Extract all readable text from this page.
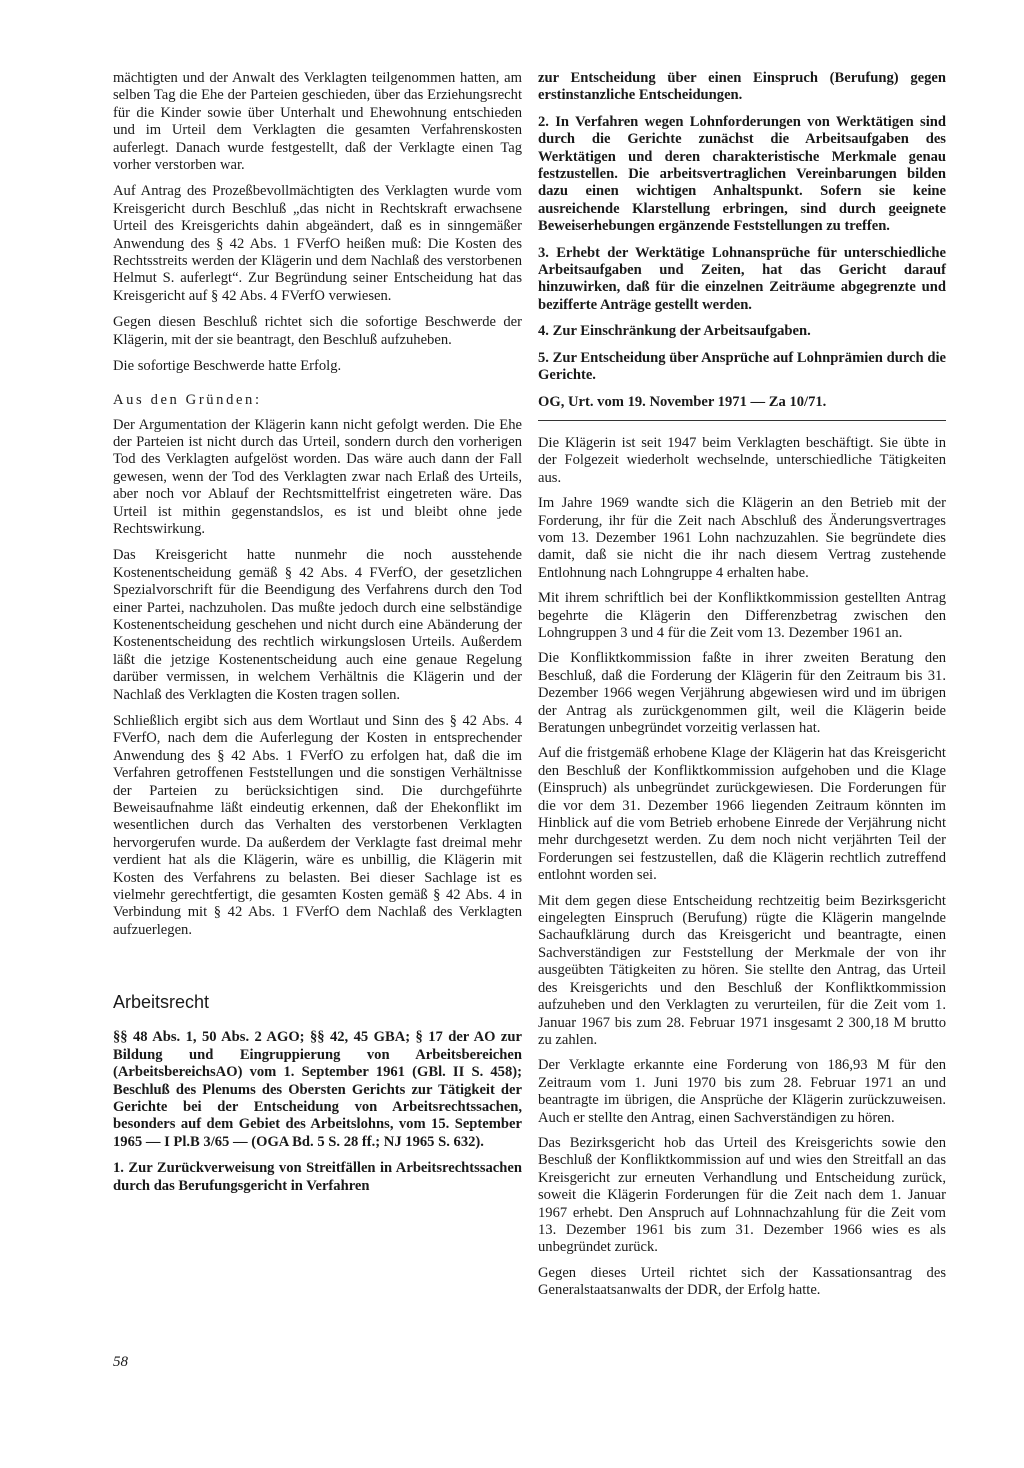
mächtigten und der Anwalt des Verklagten teilgenommen hatten, am selben Tag die Ehe der Parteien geschieden, über das Erziehungsrecht für die Kinder sowie über Unterhalt und Ehewohnung entschieden und im Urteil dem Verklagten die gesamten Verfahrenskosten auferlegt. Danach wurde festgestellt, daß der Verklagte einen Tag vorher verstorben war.

Auf Antrag des Prozeßbevollmächtigten des Verklagten wurde vom Kreisgericht durch Beschluß „das nicht in Rechtskraft erwachsene Urteil des Kreisgerichts dahin abgeändert, daß es in sinngemäßer Anwendung des § 42 Abs. 1 FVerfO heißen muß: Die Kosten des Rechtsstreits werden der Klägerin und dem Nachlaß des verstorbenen Helmut S. auferlegt“. Zur Begründung seiner Entscheidung hat das Kreisgericht auf § 42 Abs. 4 FVerfO verwiesen.

Gegen diesen Beschluß richtet sich die sofortige Beschwerde der Klägerin, mit der sie beantragt, den Beschluß aufzuheben.

Die sofortige Beschwerde hatte Erfolg.

Aus den Gründen:

Der Argumentation der Klägerin kann nicht gefolgt werden. Die Ehe der Parteien ist nicht durch das Urteil, sondern durch den vorherigen Tod des Verklagten aufgelöst worden. Das wäre auch dann der Fall gewesen, wenn der Tod des Verklagten zwar nach Erlaß des Urteils, aber noch vor Ablauf der Rechtsmittelfrist eingetreten wäre. Das Urteil ist mithin gegenstandslos, es ist und bleibt ohne jede Rechtswirkung.

Das Kreisgericht hatte nunmehr die noch ausstehende Kostenentscheidung gemäß § 42 Abs. 4 FVerfO, der gesetzlichen Spezialvorschrift für die Beendigung des Verfahrens durch den Tod einer Partei, nachzuholen. Das mußte jedoch durch eine selbständige Kostenentscheidung geschehen und nicht durch eine Abänderung der Kostenentscheidung des rechtlich wirkungslosen Urteils. Außerdem läßt die jetzige Kostenentscheidung auch eine genaue Regelung darüber vermissen, in welchem Verhältnis die Klägerin und der Nachlaß des Verklagten die Kosten tragen sollen.

Schließlich ergibt sich aus dem Wortlaut und Sinn des § 42 Abs. 4 FVerfO, nach dem die Auferlegung der Kosten in entsprechender Anwendung des § 42 Abs. 1 FVerfO zu erfolgen hat, daß die im Verfahren getroffenen Feststellungen und die sonstigen Verhältnisse der Parteien zu berücksichtigen sind. Die durchgeführte Beweisaufnahme läßt eindeutig erkennen, daß der Ehekonflikt im wesentlichen durch das Verhalten des verstorbenen Verklagten hervorgerufen wurde. Da außerdem der Verklagte fast dreimal mehr verdient hat als die Klägerin, wäre es unbillig, die Klägerin mit Kosten des Verfahrens zu belasten. Bei dieser Sachlage ist es vielmehr gerechtfertigt, die gesamten Kosten gemäß § 42 Abs. 4 in Verbindung mit § 42 Abs. 1 FVerfO dem Nachlaß des Verklagten aufzuerlegen.

Arbeitsrecht

§§ 48 Abs. 1, 50 Abs. 2 AGO; §§ 42, 45 GBA; § 17 der AO zur Bildung und Eingruppierung von Arbeitsbereichen (ArbeitsbereichsAO) vom 1. September 1961 (GBl. II S. 458); Beschluß des Plenums des Obersten Gerichts zur Tätigkeit der Gerichte bei der Entscheidung von Arbeitsrechtssachen, besonders auf dem Gebiet des Arbeitslohns, vom 15. September 1965 — I Pl.B 3/65 — (OGA Bd. 5 S. 28 ff.; NJ 1965 S. 632).

1. Zur Zurückverweisung von Streitfällen in Arbeitsrechtssachen durch das Berufungsgericht in Verfahren

zur Entscheidung über einen Einspruch (Berufung) gegen erstinstanzliche Entscheidungen.

2. In Verfahren wegen Lohnforderungen von Werktätigen sind durch die Gerichte zunächst die Arbeitsaufgaben des Werktätigen und deren charakteristische Merkmale genau festzustellen. Die arbeitsvertraglichen Vereinbarungen bilden dazu einen wichtigen Anhaltspunkt. Sofern sie keine ausreichende Klarstellung erbringen, sind durch geeignete Beweiserhebungen ergänzende Feststellungen zu treffen.

3. Erhebt der Werktätige Lohnansprüche für unterschiedliche Arbeitsaufgaben und Zeiten, hat das Gericht darauf hinzuwirken, daß für die einzelnen Zeiträume abgegrenzte und bezifferte Anträge gestellt werden.

4. Zur Einschränkung der Arbeitsaufgaben.

5. Zur Entscheidung über Ansprüche auf Lohnprämien durch die Gerichte.

OG, Urt. vom 19. November 1971 — Za 10/71.

Die Klägerin ist seit 1947 beim Verklagten beschäftigt. Sie übte in der Folgezeit wiederholt wechselnde, unterschiedliche Tätigkeiten aus.

Im Jahre 1969 wandte sich die Klägerin an den Betrieb mit der Forderung, ihr für die Zeit nach Abschluß des Änderungsvertrages vom 13. Dezember 1961 Lohn nachzuzahlen. Sie begründete dies damit, daß sie nicht die ihr nach diesem Vertrag zustehende Entlohnung nach Lohngruppe 4 erhalten habe.

Mit ihrem schriftlich bei der Konfliktkommission gestellten Antrag begehrte die Klägerin den Differenzbetrag zwischen den Lohngruppen 3 und 4 für die Zeit vom 13. Dezember 1961 an.

Die Konfliktkommission faßte in ihrer zweiten Beratung den Beschluß, daß die Forderung der Klägerin für den Zeitraum bis 31. Dezember 1966 wegen Verjährung abgewiesen wird und im übrigen der Antrag als zurückgenommen gilt, weil die Klägerin beide Beratungen unbegründet vorzeitig verlassen hat.

Auf die fristgemäß erhobene Klage der Klägerin hat das Kreisgericht den Beschluß der Konfliktkommission aufgehoben und die Klage (Einspruch) als unbegründet zurückgewiesen. Die Forderungen für die vor dem 31. Dezember 1966 liegenden Zeitraum könnten im Hinblick auf die vom Betrieb erhobene Einrede der Verjährung nicht mehr durchgesetzt werden. Zu dem noch nicht verjährten Teil der Forderungen sei festzustellen, daß die Klägerin rechtlich zutreffend entlohnt worden sei.

Mit dem gegen diese Entscheidung rechtzeitig beim Bezirksgericht eingelegten Einspruch (Berufung) rügte die Klägerin mangelnde Sachaufklärung durch das Kreisgericht und beantragte, einen Sachverständigen zur Feststellung der Merkmale der von ihr ausgeübten Tätigkeiten zu hören. Sie stellte den Antrag, das Urteil des Kreisgerichts und den Beschluß der Konfliktkommission aufzuheben und den Verklagten zu verurteilen, für die Zeit vom 1. Januar 1967 bis zum 28. Februar 1971 insgesamt 2 300,18 M brutto zu zahlen.

Der Verklagte erkannte eine Forderung von 186,93 M für den Zeitraum vom 1. Juni 1970 bis zum 28. Februar 1971 an und beantragte im übrigen, die Ansprüche der Klägerin zurückzuweisen. Auch er stellte den Antrag, einen Sachverständigen zu hören.

Das Bezirksgericht hob das Urteil des Kreisgerichts sowie den Beschluß der Konfliktkommission auf und wies den Streitfall an das Kreisgericht zur erneuten Verhandlung und Entscheidung zurück, soweit die Klägerin Forderungen für die Zeit nach dem 1. Januar 1967 erhebt. Den Anspruch auf Lohnnachzahlung für die Zeit vom 13. Dezember 1961 bis zum 31. Dezember 1966 wies es als unbegründet zurück.

Gegen dieses Urteil richtet sich der Kassationsantrag des Generalstaatsanwalts der DDR, der Erfolg hatte.

58
